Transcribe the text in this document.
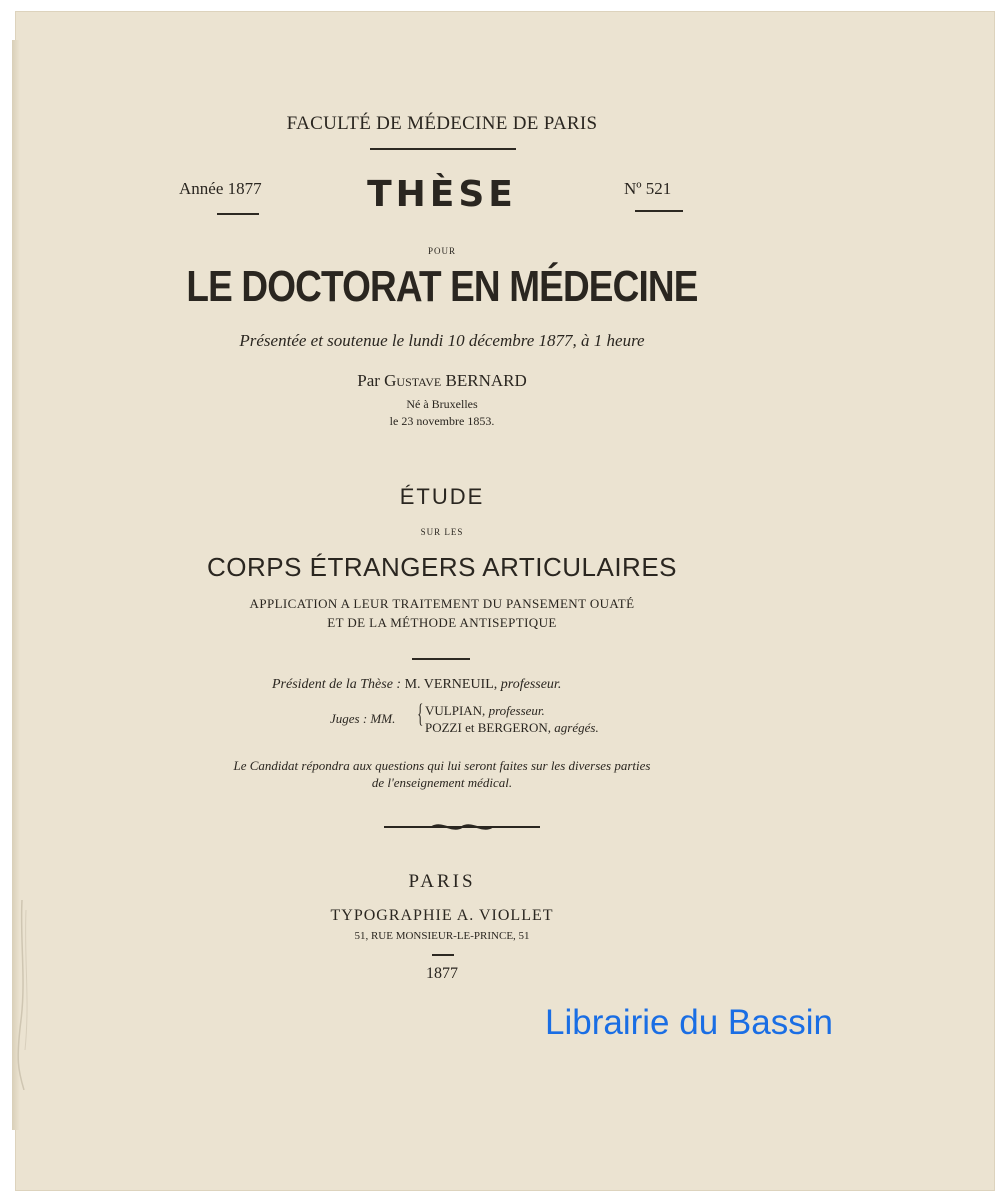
FACULTÉ DE MÉDECINE DE PARIS
Année 1877	THÈSE	Nº 521
POUR
LE DOCTORAT EN MÉDECINE
Présentée et soutenue le lundi 10 décembre 1877, à 1 heure
Par Gustave BERNARD
Né à Bruxelles
le 23 novembre 1853.
ÉTUDE
SUR LES
CORPS ÉTRANGERS ARTICULAIRES
APPLICATION A LEUR TRAITEMENT DU PANSEMENT OUATÉ
ET DE LA MÉTHODE ANTISEPTIQUE
Président de la Thèse : M. VERNEUIL, professeur.
Juges : MM. { VULPIAN, professeur.
POZZI et BERGERON, agrégés.
Le Candidat répondra aux questions qui lui seront faites sur les diverses parties
de l'enseignement médical.
PARIS
TYPOGRAPHIE A. VIOLLET
51, RUE MONSIEUR-LE-PRINCE, 51
1877
Librairie du Bassin
